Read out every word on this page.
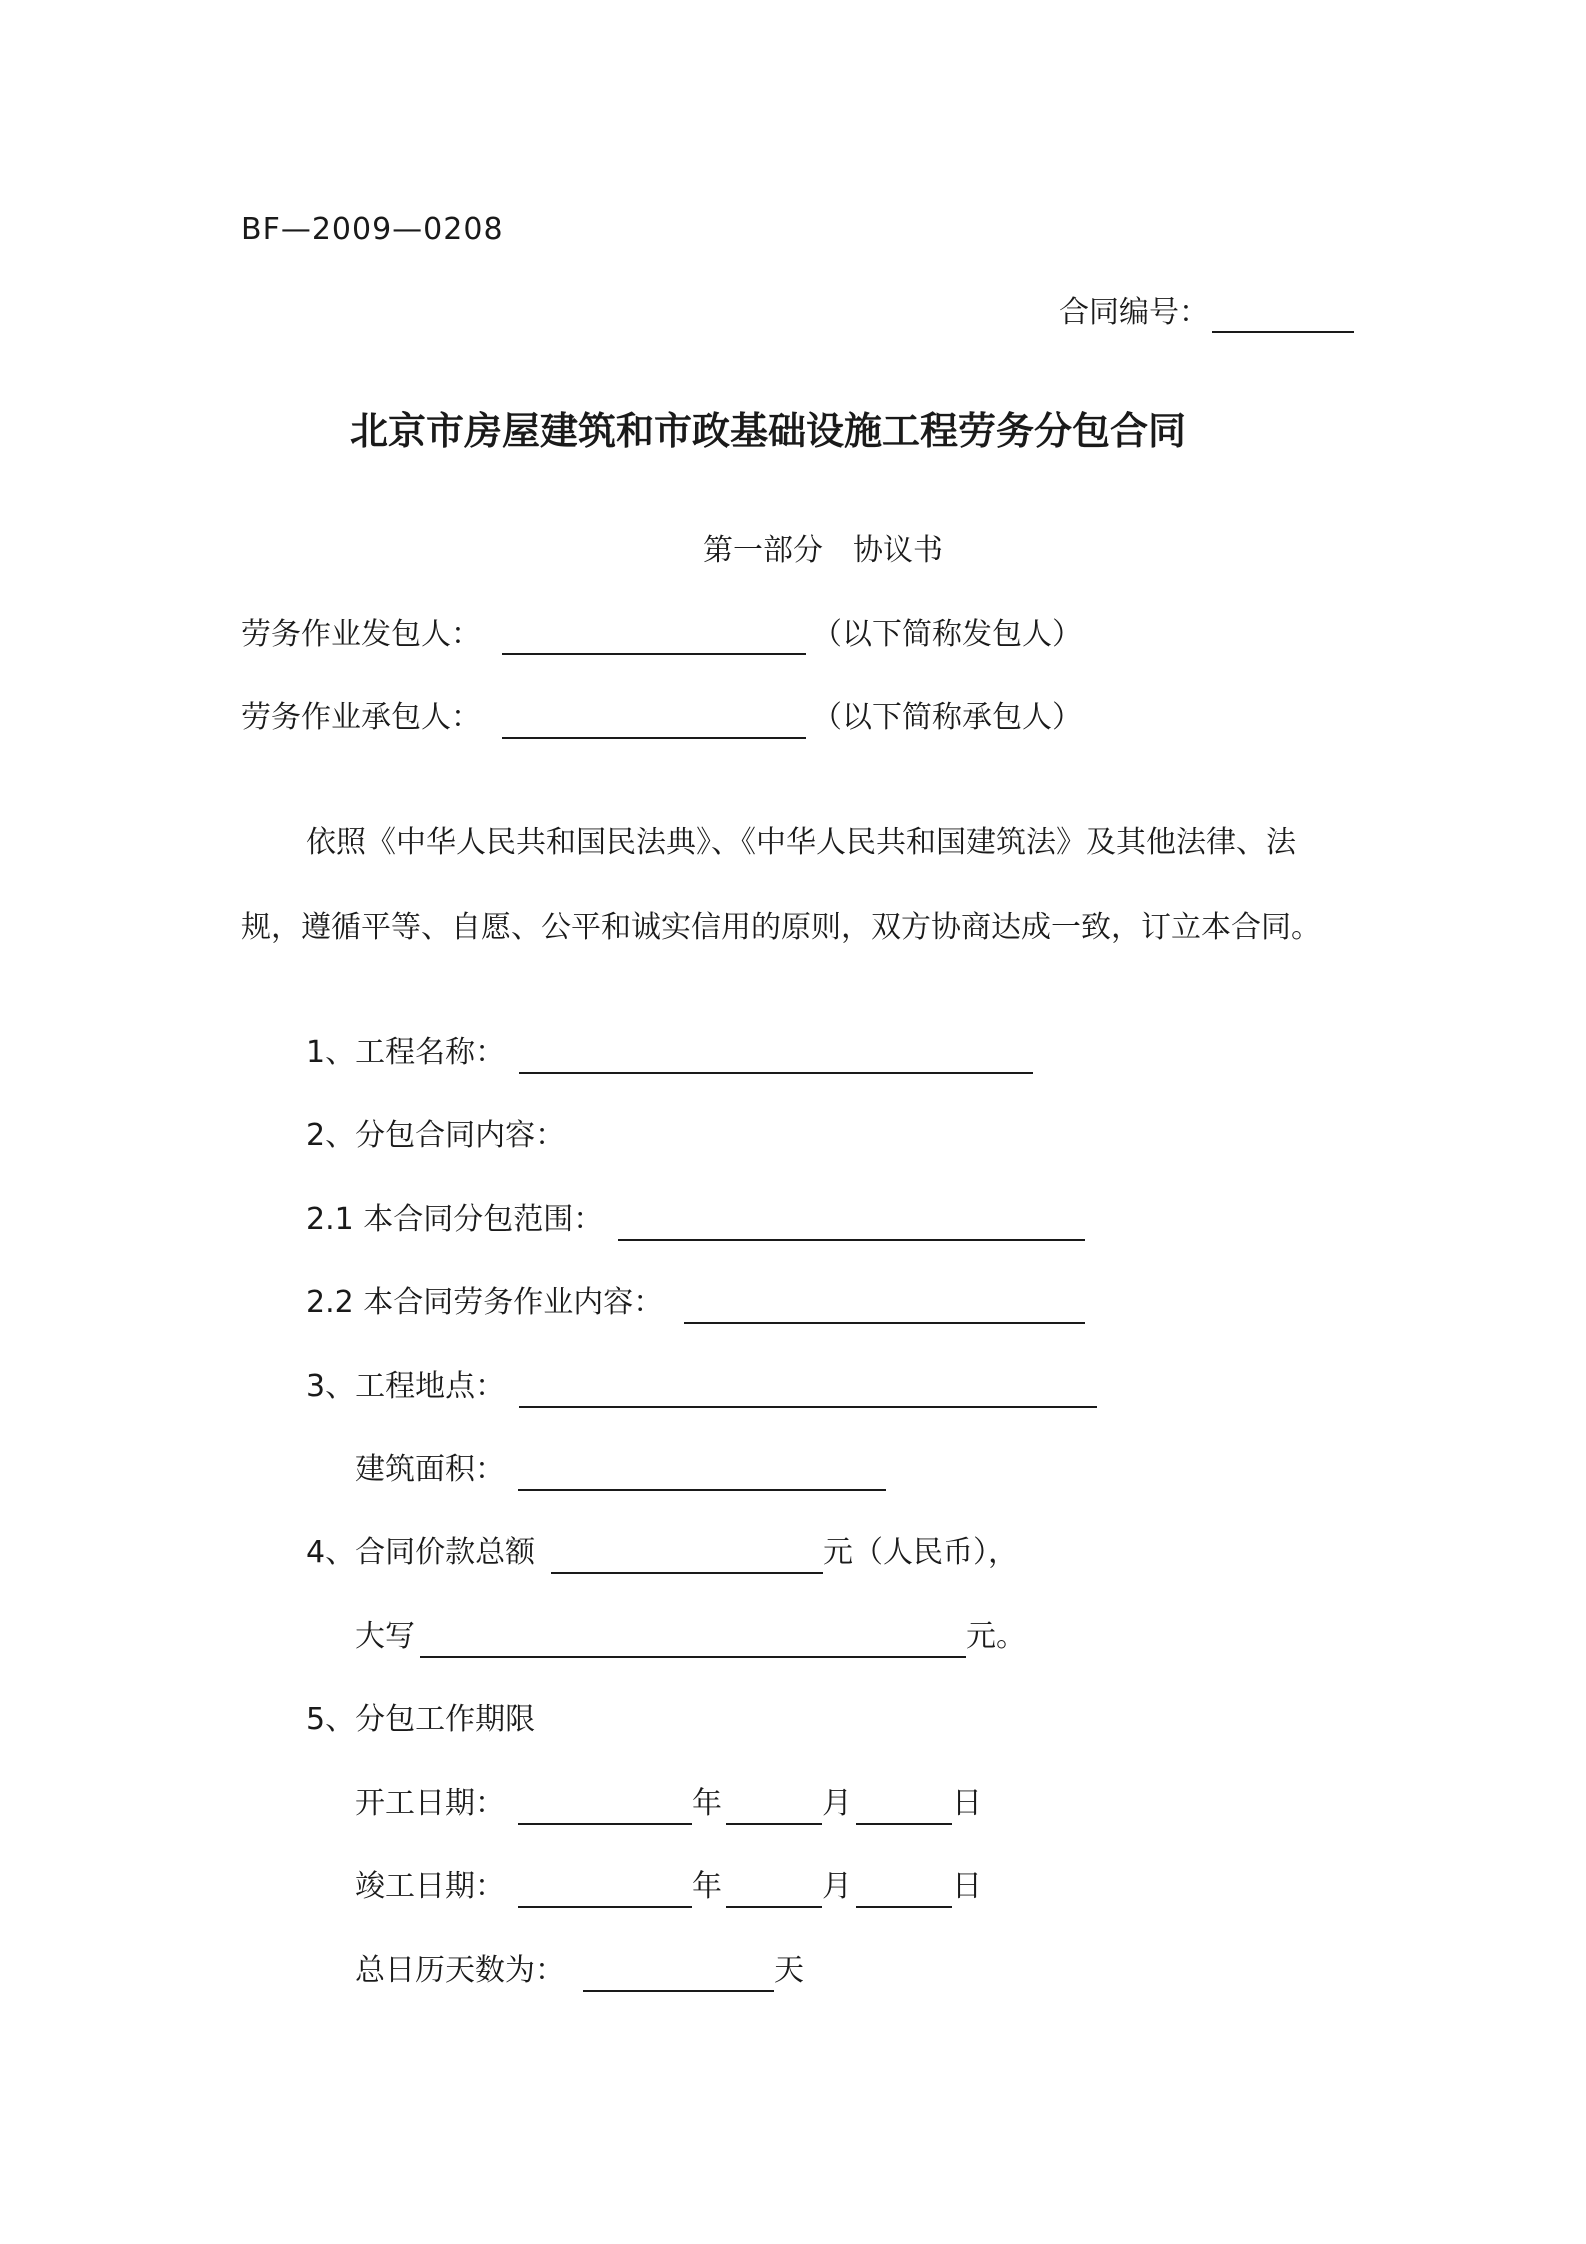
BF—2009—0208
合同编号：
北京市房屋建筑和市政基础设施工程劳务分包合同
第一部分　协议书
劳务作业发包人：	（以下简称发包人）
劳务作业承包人：	（以下简称承包人）
依照《中华人民共和国民法典》、《中华人民共和国建筑法》及其他法律、法
规，遵循平等、自愿、公平和诚实信用的原则，双方协商达成一致，订立本合同。
1、工程名称：
2、分包合同内容：
2.1 本合同分包范围：
2.2 本合同劳务作业内容：
3、工程地点：
建筑面积：
4、合同价款总额	元（人民币），
大写	元。
5、分包工作期限
开工日期：	年	月	日
竣工日期：	年	月	日
总日历天数为：	天
